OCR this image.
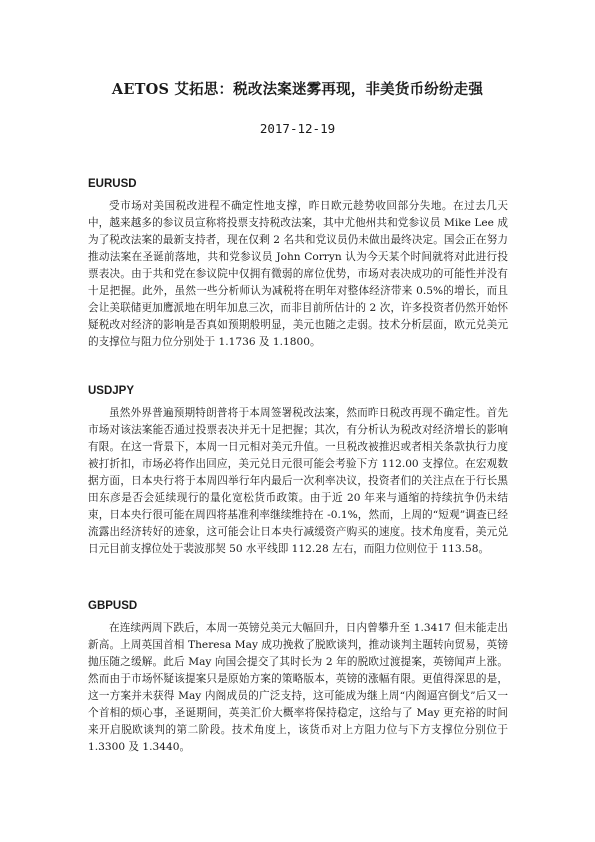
AETOS 艾拓思：税改法案迷雾再现，非美货币纷纷走强
2017-12-19
EURUSD

受市场对美国税改进程不确定性地支撑，昨日欧元趁势收回部分失地。在过去几天中，越来越多的参议员宣称将投票支持税改法案，其中尤他州共和党参议员 Mike Lee 成为了税改法案的最新支持者，现在仅剩 2 名共和党议员仍未做出最终决定。国会正在努力推动法案在圣诞前落地，共和党参议员 John Corryn 认为今天某个时间就将对此进行投票表决。由于共和党在参议院中仅拥有微弱的席位优势，市场对表决成功的可能性并没有十足把握。此外，虽然一些分析师认为减税将在明年对整体经济带来 0.5%的增长，而且会让美联储更加鹰派地在明年加息三次，而非目前所估计的 2 次，许多投资者仍然开始怀疑税改对经济的影响是否真如预期般明显，美元也随之走弱。技术分析层面，欧元兑美元的支撑位与阻力位分别处于 1.1736 及 1.1800。

USDJPY

虽然外界普遍预期特朗普将于本周签署税改法案，然而昨日税改再现不确定性。首先市场对该法案能否通过投票表决并无十足把握；其次，有分析认为税改对经济增长的影响有限。在这一背景下，本周一日元相对美元升值。一旦税改被推迟或者相关条款执行力度被打折扣，市场必将作出回应，美元兑日元很可能会考验下方 112.00 支撑位。在宏观数据方面，日本央行将于本周四举行年内最后一次利率决议，投资者们的关注点在于行长黑田东彦是否会延续现行的量化宽松货币政策。由于近 20 年来与通缩的持续抗争仍未结束，日本央行很可能在周四将基准利率继续维持在 -0.1%，然而，上周的“短观”调查已经流露出经济转好的迹象，这可能会让日本央行减缓资产购买的速度。技术角度看，美元兑日元目前支撑位处于裴波那契 50 水平线即 112.28 左右，而阻力位则位于 113.58。

GBPUSD

在连续两周下跌后，本周一英镑兑美元大幅回升，日内曾攀升至 1.3417 但未能走出新高。上周英国首相 Theresa May 成功挽救了脱欧谈判，推动谈判主题转向贸易，英镑抛压随之缓解。此后 May 向国会提交了其时长为 2 年的脱欧过渡提案，英镑闻声上涨。然而由于市场怀疑该提案只是原始方案的策略版本，英镑的涨幅有限。更值得深思的是，这一方案并未获得 May 内阁成员的广泛支持，这可能成为继上周“内阁逼宫倒戈”后又一个首相的烦心事，圣诞期间，英美汇价大概率将保持稳定，这给与了 May 更充裕的时间来开启脱欧谈判的第二阶段。技术角度上，该货币对上方阻力位与下方支撑位分别位于 1.3300 及 1.3440。
